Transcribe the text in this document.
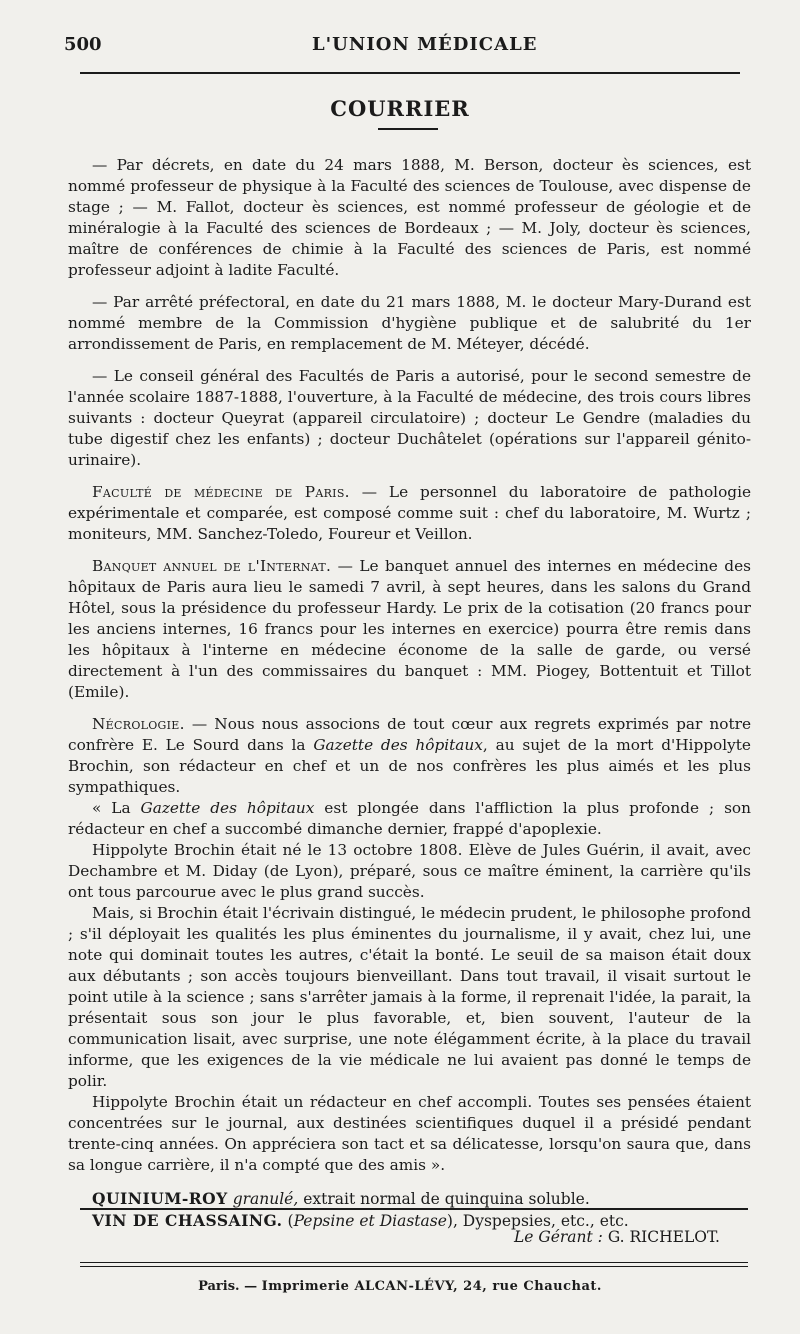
500	L'UNION MÉDICALE
COURRIER

— Par décrets, en date du 24 mars 1888, M. Berson, docteur ès sciences, est nommé professeur de physique à la Faculté des sciences de Toulouse, avec dispense de stage ; — M. Fallot, docteur ès sciences, est nommé professeur de géologie et de minéralogie à la Faculté des sciences de Bordeaux ; — M. Joly, docteur ès sciences, maître de conférences de chimie à la Faculté des sciences de Paris, est nommé professeur adjoint à ladite Faculté.

— Par arrêté préfectoral, en date du 21 mars 1888, M. le docteur Mary-Durand est nommé membre de la Commission d'hygiène publique et de salubrité du 1er arrondissement de Paris, en remplacement de M. Méteyer, décédé.

— Le conseil général des Facultés de Paris a autorisé, pour le second semestre de l'année scolaire 1887-1888, l'ouverture, à la Faculté de médecine, des trois cours libres suivants : docteur Queyrat (appareil circulatoire) ; docteur Le Gendre (maladies du tube digestif chez les enfants) ; docteur Duchâtelet (opérations sur l'appareil génito-urinaire).

Faculté de médecine de Paris. — Le personnel du laboratoire de pathologie expérimentale et comparée, est composé comme suit : chef du laboratoire, M. Wurtz ; moniteurs, MM. Sanchez-Toledo, Foureur et Veillon.

Banquet annuel de l'Internat. — Le banquet annuel des internes en médecine des hôpitaux de Paris aura lieu le samedi 7 avril, à sept heures, dans les salons du Grand Hôtel, sous la présidence du professeur Hardy. Le prix de la cotisation (20 francs pour les anciens internes, 16 francs pour les internes en exercice) pourra être remis dans les hôpitaux à l'interne en médecine économe de la salle de garde, ou versé directement à l'un des commissaires du banquet : MM. Piogey, Bottentuit et Tillot (Emile).

Nécrologie. — Nous nous associons de tout cœur aux regrets exprimés par notre confrère E. Le Sourd dans la Gazette des hôpitaux, au sujet de la mort d'Hippolyte Brochin, son rédacteur en chef et un de nos confrères les plus aimés et les plus sympathiques.

« La Gazette des hôpitaux est plongée dans l'affliction la plus profonde ; son rédacteur en chef a succombé dimanche dernier, frappé d'apoplexie.

Hippolyte Brochin était né le 13 octobre 1808. Elève de Jules Guérin, il avait, avec Dechambre et M. Diday (de Lyon), préparé, sous ce maître éminent, la carrière qu'ils ont tous parcourue avec le plus grand succès.

Mais, si Brochin était l'écrivain distingué, le médecin prudent, le philosophe profond ; s'il déployait les qualités les plus éminentes du journalisme, il y avait, chez lui, une note qui dominait toutes les autres, c'était la bonté. Le seuil de sa maison était doux aux débutants ; son accès toujours bienveillant. Dans tout travail, il visait surtout le point utile à la science ; sans s'arrêter jamais à la forme, il reprenait l'idée, la parait, la présentait sous son jour le plus favorable, et, bien souvent, l'auteur de la communication lisait, avec surprise, une note élégamment écrite, à la place du travail informe, que les exigences de la vie médicale ne lui avaient pas donné le temps de polir.

Hippolyte Brochin était un rédacteur en chef accompli. Toutes ses pensées étaient concentrées sur le journal, aux destinées scientifiques duquel il a présidé pendant trente-cinq années. On appréciera son tact et sa délicatesse, lorsqu'on saura que, dans sa longue carrière, il n'a compté que des amis ».

QUINIUM-ROY granulé, extrait normal de quinquina soluble.

VIN DE CHASSAING. (Pepsine et Diastase), Dyspepsies, etc., etc.

Le Gérant : G. RICHELOT.
Paris. — Imprimerie ALCAN-LÉVY, 24, rue Chauchat.
